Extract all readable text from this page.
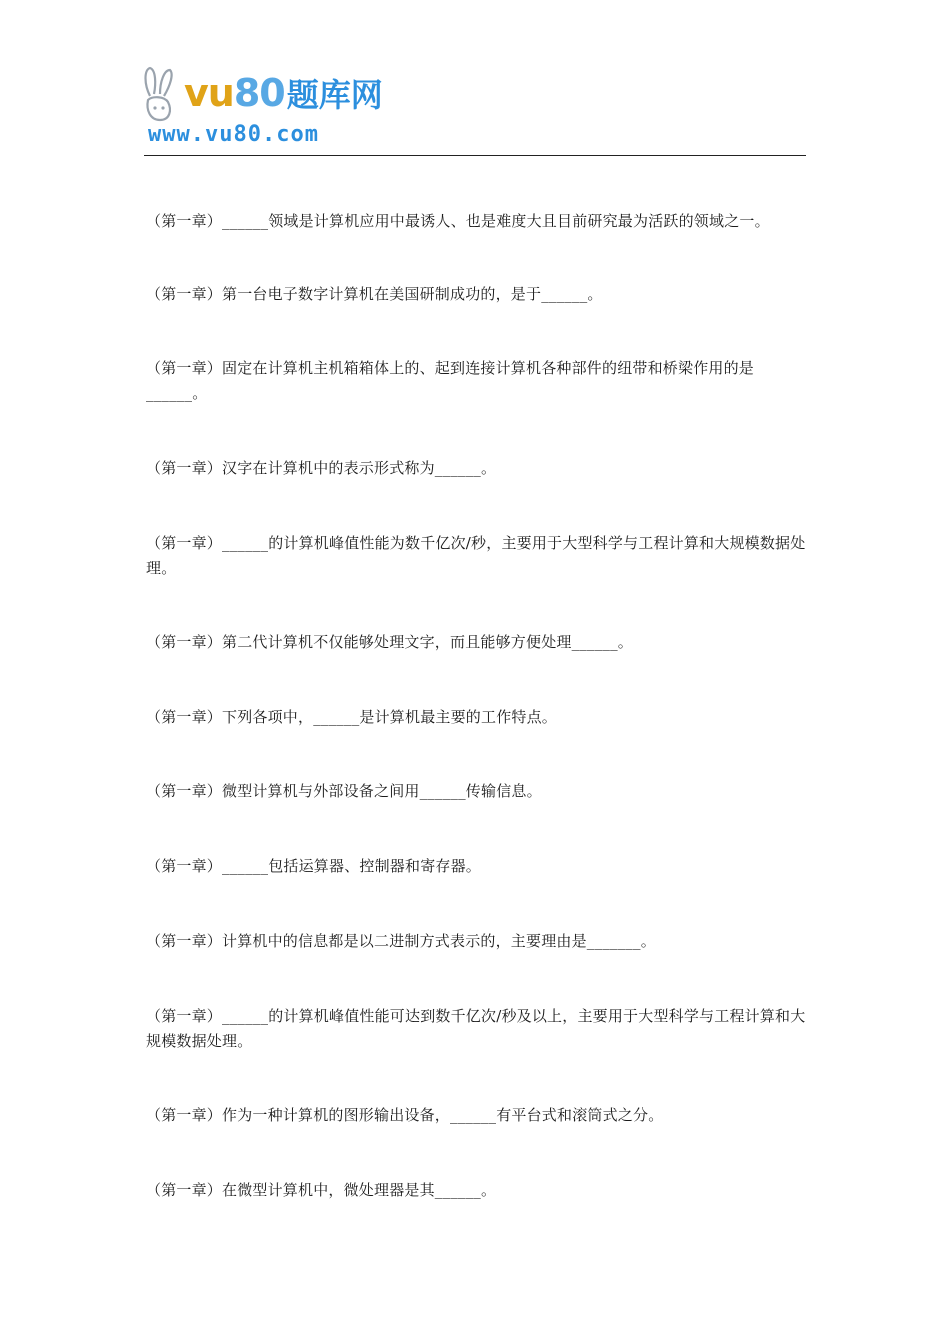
vu80题库网
www.vu80.com
（第一章）______领域是计算机应用中最诱人、也是难度大且目前研究最为活跃的领域之一。
（第一章）第一台电子数字计算机在美国研制成功的，是于______。
（第一章）固定在计算机主机箱箱体上的、起到连接计算机各种部件的纽带和桥梁作用的是______。
（第一章）汉字在计算机中的表示形式称为______。
（第一章）______的计算机峰值性能为数千亿次/秒，主要用于大型科学与工程计算和大规模数据处理。
（第一章）第二代计算机不仅能够处理文字，而且能够方便处理______。
（第一章）下列各项中，______是计算机最主要的工作特点。
（第一章）微型计算机与外部设备之间用______传输信息。
（第一章）______包括运算器、控制器和寄存器。
（第一章）计算机中的信息都是以二进制方式表示的，主要理由是_______。
（第一章）______的计算机峰值性能可达到数千亿次/秒及以上，主要用于大型科学与工程计算和大规模数据处理。
（第一章）作为一种计算机的图形输出设备，______有平台式和滚筒式之分。
（第一章）在微型计算机中，微处理器是其______。
